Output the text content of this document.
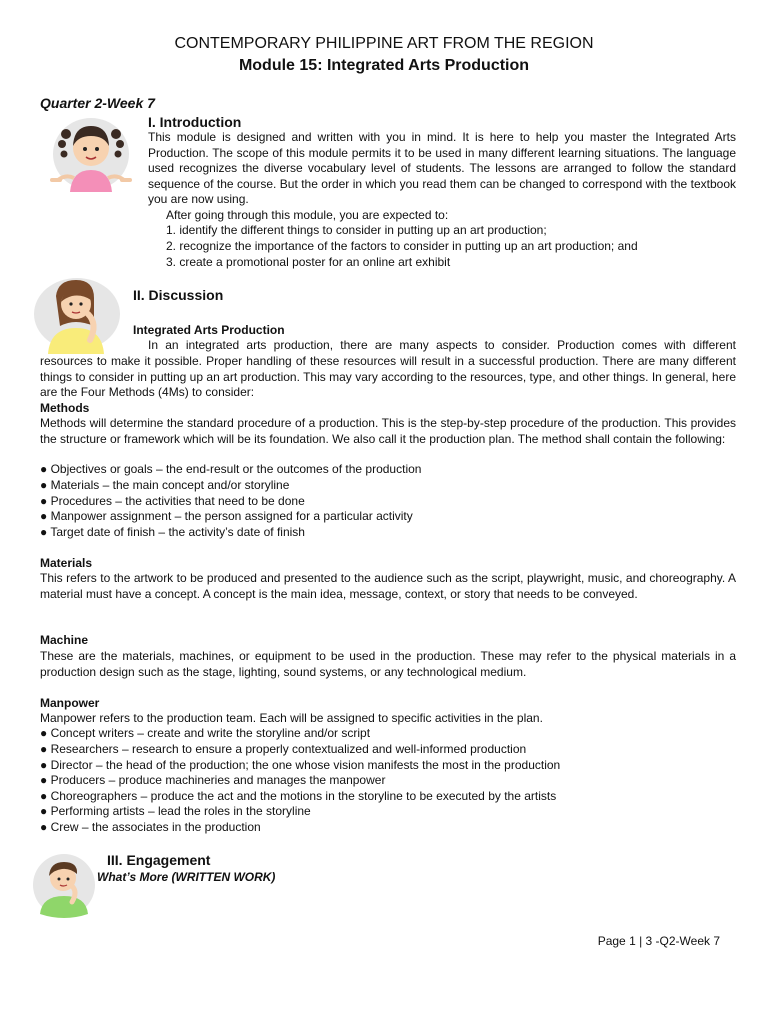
CONTEMPORARY PHILIPPINE ART FROM THE REGION
Module 15: Integrated Arts Production
Quarter 2-Week 7
I. Introduction
This module is designed and written with you in mind. It is here to help you master the Integrated Arts Production. The scope of this module permits it to be used in many different learning situations. The language used recognizes the diverse vocabulary level of students. The lessons are arranged to follow the standard sequence of the course. But the order in which you read them can be changed to correspond with the textbook you are now using.
After going through this module, you are expected to:
1. identify the different things to consider in putting up an art production;
2. recognize the importance of the factors to consider in putting up an art production; and
3. create a promotional poster for an online art exhibit
II. Discussion
Integrated Arts Production
In an integrated arts production, there are many aspects to consider. Production comes with different
resources to make it possible. Proper handling of these resources will result in a successful production. There are many different things to consider in putting up an art production. This may vary according to the resources, type, and other things. In general, here are the Four Methods (4Ms) to consider:
Methods
Methods will determine the standard procedure of a production. This is the step-by-step procedure of the production. This provides the structure or framework which will be its foundation. We also call it the production plan. The method shall contain the following:
● Objectives or goals – the end-result or the outcomes of the production
● Materials – the main concept and/or storyline
● Procedures – the activities that need to be done
● Manpower assignment – the person assigned for a particular activity
● Target date of finish – the activity’s date of finish
Materials
This refers to the artwork to be produced and presented to the audience such as the script, playwright, music, and choreography. A material must have a concept. A concept is the main idea, message, context, or story that needs to be conveyed.
Machine
These are the materials, machines, or equipment to be used in the production. These may refer to the physical materials in a production design such as the stage, lighting, sound systems, or any technological medium.
Manpower
Manpower refers to the production team. Each will be assigned to specific activities in the plan.
● Concept writers – create and write the storyline and/or script
● Researchers – research to ensure a properly contextualized and well-informed production
● Director – the head of the production; the one whose vision manifests the most in the production
● Producers – produce machineries and manages the manpower
● Choreographers – produce the act and the motions in the storyline to be executed by the artists
● Performing artists – lead the roles in the storyline
● Crew – the associates in the production
III. Engagement
What’s More (WRITTEN WORK)
Page 1 | 3 -Q2-Week 7
